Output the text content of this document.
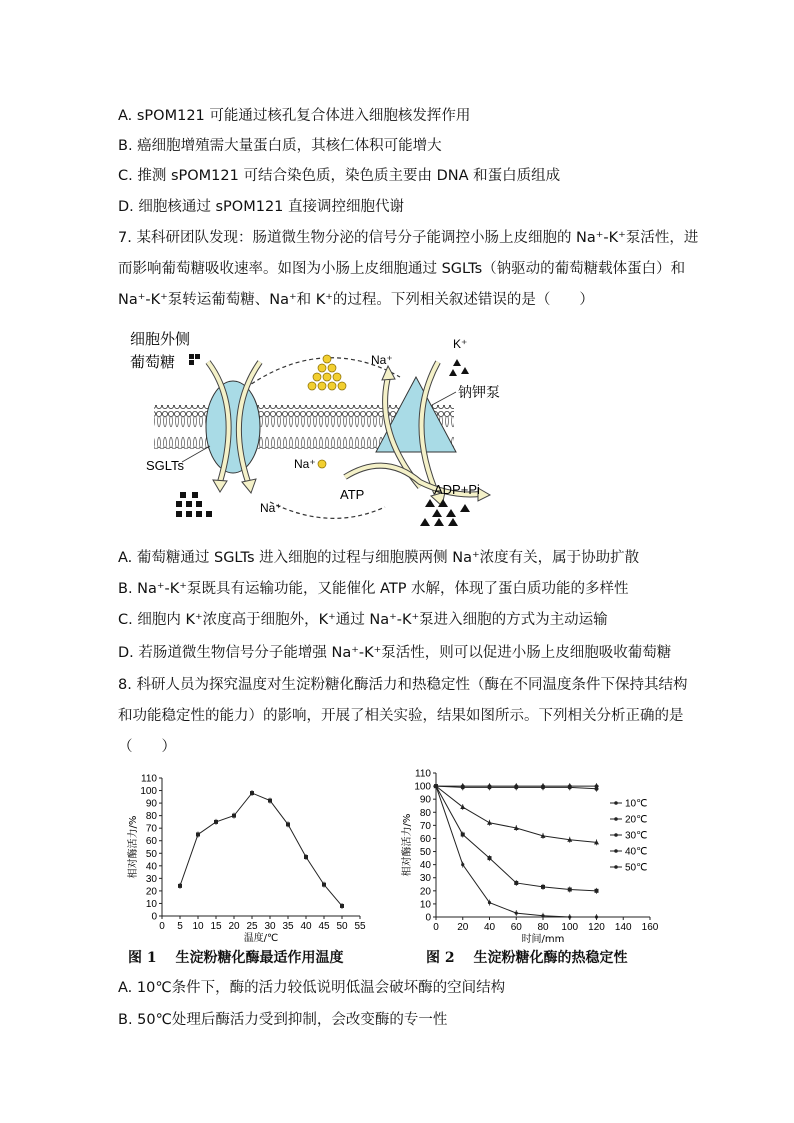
A. sPOM121 可能通过核孔复合体进入细胞核发挥作用
B. 癌细胞增殖需大量蛋白质，其核仁体积可能增大
C. 推测 sPOM121 可结合染色质，染色质主要由 DNA 和蛋白质组成
D. 细胞核通过 sPOM121 直接调控细胞代谢
7. 某科研团队发现：肠道微生物分泌的信号分子能调控小肠上皮细胞的 Na⁺-K⁺泵活性，进
而影响葡萄糖吸收速率。如图为小肠上皮细胞通过 SGLTs（钠驱动的葡萄糖载体蛋白）和
Na⁺-K⁺泵转运葡萄糖、Na⁺和 K⁺的过程。下列相关叙述错误的是（　　）
细胞外侧
葡萄糖
SGLTs
Na⁺
Na⁺
Na⁺
K⁺
钠钾泵
ATP	ADP+Pi
A. 葡萄糖通过 SGLTs 进入细胞的过程与细胞膜两侧 Na⁺浓度有关，属于协助扩散
B. Na⁺-K⁺泵既具有运输功能，又能催化 ATP 水解，体现了蛋白质功能的多样性
C. 细胞内 K⁺浓度高于细胞外，K⁺通过 Na⁺-K⁺泵进入细胞的方式为主动运输
D. 若肠道微生物信号分子能增强 Na⁺-K⁺泵活性，则可以促进小肠上皮细胞吸收葡萄糖
8. 科研人员为探究温度对生淀粉糖化酶活力和热稳定性（酶在不同温度条件下保持其结构
和功能稳定性的能力）的影响，开展了相关实验，结果如图所示。下列相关分析正确的是
（　　）
0 5 10 15 20 25 30 35 40 45 50 55
0
10
20
30
40
50
60
70
80
90
100
110
温度/℃
相对酶活力/%
0 20 40 60 80 100 120 140 160
0
10
20
30
40
50
60
70
80
90
100
110
时间/mm
相对酶活力/%
10℃
20℃
30℃
40℃
50℃
图 1　 生淀粉糖化酶最适作用温度	图 2　 生淀粉糖化酶的热稳定性
A. 10℃条件下，酶的活力较低说明低温会破坏酶的空间结构
B. 50℃处理后酶活力受到抑制，会改变酶的专一性
